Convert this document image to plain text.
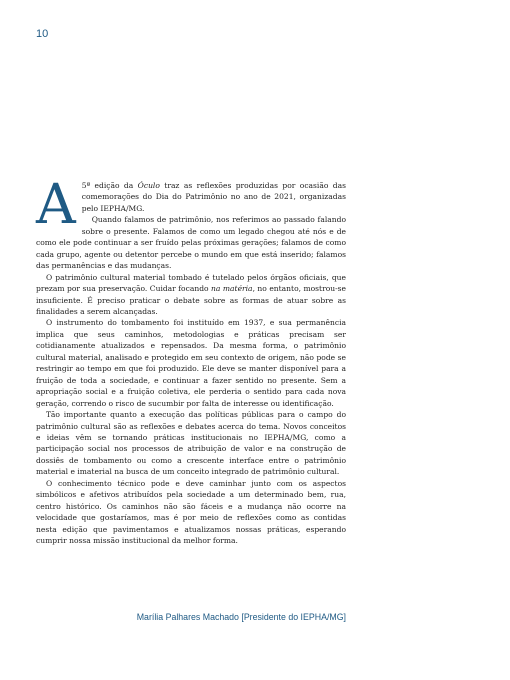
10
A 5ª edição da Óculo traz as reflexões produzidas por ocasião das comemorações do Dia do Patrimônio no ano de 2021, organizadas pelo IEPHA/MG.

Quando falamos de patrimônio, nos referimos ao passado falando sobre o presente. Falamos de como um legado chegou até nós e de como ele pode continuar a ser fruído pelas próximas gerações; falamos de como cada grupo, agente ou detentor percebe o mundo em que está inserido; falamos das permanências e das mudanças.

O patrimônio cultural material tombado é tutelado pelos órgãos oficiais, que prezam por sua preservação. Cuidar focando na matéria, no entanto, mostrou-se insuficiente. É preciso praticar o debate sobre as formas de atuar sobre as finalidades a serem alcançadas.

O instrumento do tombamento foi instituído em 1937, e sua permanência implica que seus caminhos, metodologias e práticas precisam ser cotidianamente atualizados e repensados. Da mesma forma, o patrimônio cultural material, analisado e protegido em seu contexto de origem, não pode se restringir ao tempo em que foi produzido. Ele deve se manter disponível para a fruição de toda a sociedade, e continuar a fazer sentido no presente. Sem a apropriação social e a fruição coletiva, ele perderia o sentido para cada nova geração, correndo o risco de sucumbir por falta de interesse ou identificação.

Tão importante quanto a execução das políticas públicas para o campo do patrimônio cultural são as reflexões e debates acerca do tema. Novos conceitos e ideias vêm se tornando práticas institucionais no IEPHA/MG, como a participação social nos processos de atribuição de valor e na construção de dossiês de tombamento ou como a crescente interface entre o patrimônio material e imaterial na busca de um conceito integrado de patrimônio cultural.

O conhecimento técnico pode e deve caminhar junto com os aspectos simbólicos e afetivos atribuídos pela sociedade a um determinado bem, rua, centro histórico. Os caminhos não são fáceis e a mudança não ocorre na velocidade que gostaríamos, mas é por meio de reflexões como as contidas nesta edição que pavimentamos e atualizamos nossas práticas, esperando cumprir nossa missão institucional da melhor forma.

Marília Palhares Machado [Presidente do IEPHA/MG]
